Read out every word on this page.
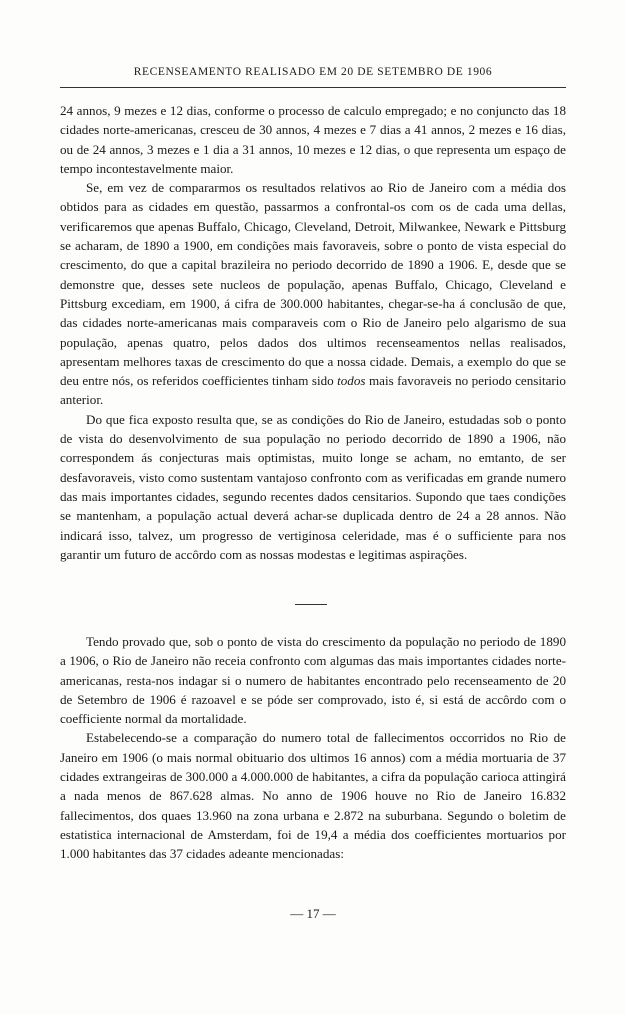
RECENSEAMENTO REALISADO EM 20 DE SETEMBRO DE 1906

24 annos, 9 mezes e 12 dias, conforme o processo de calculo empregado; e no conjuncto das 18 cidades norte-americanas, cresceu de 30 annos, 4 mezes e 7 dias a 41 annos, 2 mezes e 16 dias, ou de 24 annos, 3 mezes e 1 dia a 31 annos, 10 mezes e 12 dias, o que representa um espaço de tempo incontestavelmente maior.

Se, em vez de compararmos os resultados relativos ao Rio de Janeiro com a média dos obtidos para as cidades em questão, passarmos a confrontal-os com os de cada uma dellas, verificaremos que apenas Buffalo, Chicago, Cleveland, Detroit, Milwankee, Newark e Pittsburg se acharam, de 1890 a 1900, em condições mais favoraveis, sobre o ponto de vista especial do crescimento, do que a capital brazileira no periodo decorrido de 1890 a 1906. E, desde que se demonstre que, desses sete nucleos de população, apenas Buffalo, Chicago, Cleveland e Pittsburg excediam, em 1900, á cifra de 300.000 habitantes, chegar-se-ha á conclusão de que, das cidades norte-americanas mais comparaveis com o Rio de Janeiro pelo algarismo de sua população, apenas quatro, pelos dados dos ultimos recenseamentos nellas realisados, apresentam melhores taxas de crescimento do que a nossa cidade. Demais, a exemplo do que se deu entre nós, os referidos coefficientes tinham sido todos mais favoraveis no periodo censitario anterior.

Do que fica exposto resulta que, se as condições do Rio de Janeiro, estudadas sob o ponto de vista do desenvolvimento de sua população no periodo decorrido de 1890 a 1906, não correspondem ás conjecturas mais optimistas, muito longe se acham, no emtanto, de ser desfavoraveis, visto como sustentam vantajoso confronto com as verificadas em grande numero das mais importantes cidades, segundo recentes dados censitarios. Supondo que taes condições se mantenham, a população actual deverá achar-se duplicada dentro de 24 a 28 annos. Não indicará isso, talvez, um progresso de vertiginosa celeridade, mas é o sufficiente para nos garantir um futuro de accôrdo com as nossas modestas e legitimas aspirações.

Tendo provado que, sob o ponto de vista do crescimento da população no periodo de 1890 a 1906, o Rio de Janeiro não receia confronto com algumas das mais importantes cidades norte-americanas, resta-nos indagar si o numero de habitantes encontrado pelo recenseamento de 20 de Setembro de 1906 é razoavel e se póde ser comprovado, isto é, si está de accôrdo com o coefficiente normal da mortalidade.

Estabelecendo-se a comparação do numero total de fallecimentos occorridos no Rio de Janeiro em 1906 (o mais normal obituario dos ultimos 16 annos) com a média mortuaria de 37 cidades extrangeiras de 300.000 a 4.000.000 de habitantes, a cifra da população carioca attingirá a nada menos de 867.628 almas. No anno de 1906 houve no Rio de Janeiro 16.832 fallecimentos, dos quaes 13.960 na zona urbana e 2.872 na suburbana. Segundo o boletim de estatistica internacional de Amsterdam, foi de 19,4 a média dos coefficientes mortuarios por 1.000 habitantes das 37 cidades adeante mencionadas:

— 17 —
